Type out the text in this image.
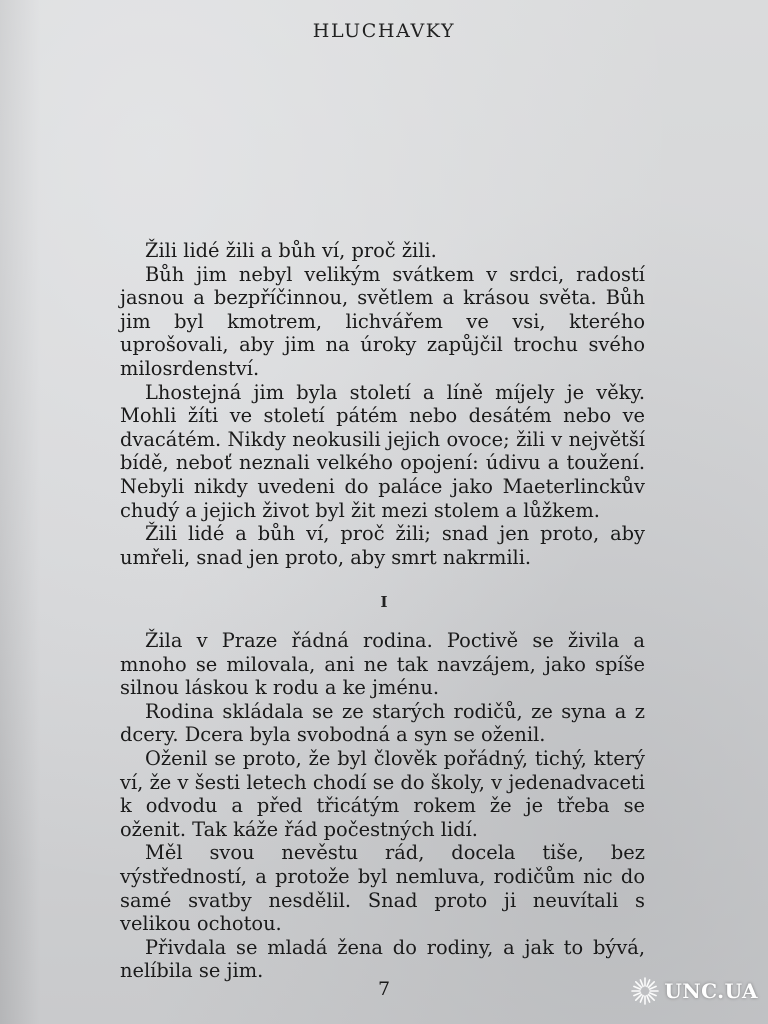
HLUCHAVKY

Žili lidé žili a bůh ví, proč žili.

Bůh jim nebyl velikým svátkem v srdci, radostí jasnou a bezpříčinnou, světlem a krásou světa. Bůh jim byl kmotrem, lichvářem ve vsi, kterého uprošovali, aby jim na úroky zapůjčil trochu svého milosrdenství.

Lhostejná jim byla století a líně míjely je věky. Mohli žíti ve století pátém nebo desátém nebo ve dvacátém. Nikdy neokusili jejich ovoce; žili v největší bídě, neboť neznali velkého opojení: údivu a toužení. Nebyli nikdy uvedeni do paláce jako Maeterlinckův chudý a jejich život byl žit mezi stolem a lůžkem.

Žili lidé a bůh ví, proč žili; snad jen proto, aby umřeli, snad jen proto, aby smrt nakrmili.

I

Žila v Praze řádná rodina. Poctivě se živila a mnoho se milovala, ani ne tak navzájem, jako spíše silnou láskou k rodu a ke jménu.

Rodina skládala se ze starých rodičů, ze syna a z dcery. Dcera byla svobodná a syn se oženil.

Oženil se proto, že byl člověk pořádný, tichý, který ví, že v šesti letech chodí se do školy, v jedenadvaceti k odvodu a před třicátým rokem že je třeba se oženit. Tak káže řád počestných lidí.

Měl svou nevěstu rád, docela tiše, bez výstředností, a protože byl nemluva, rodičům nic do samé svatby nesdělil. Snad proto ji neuvítali s velikou ochotou.

Přivdala se mladá žena do rodiny, a jak to bývá, nelíbila se jim.

7	UNC.UA
